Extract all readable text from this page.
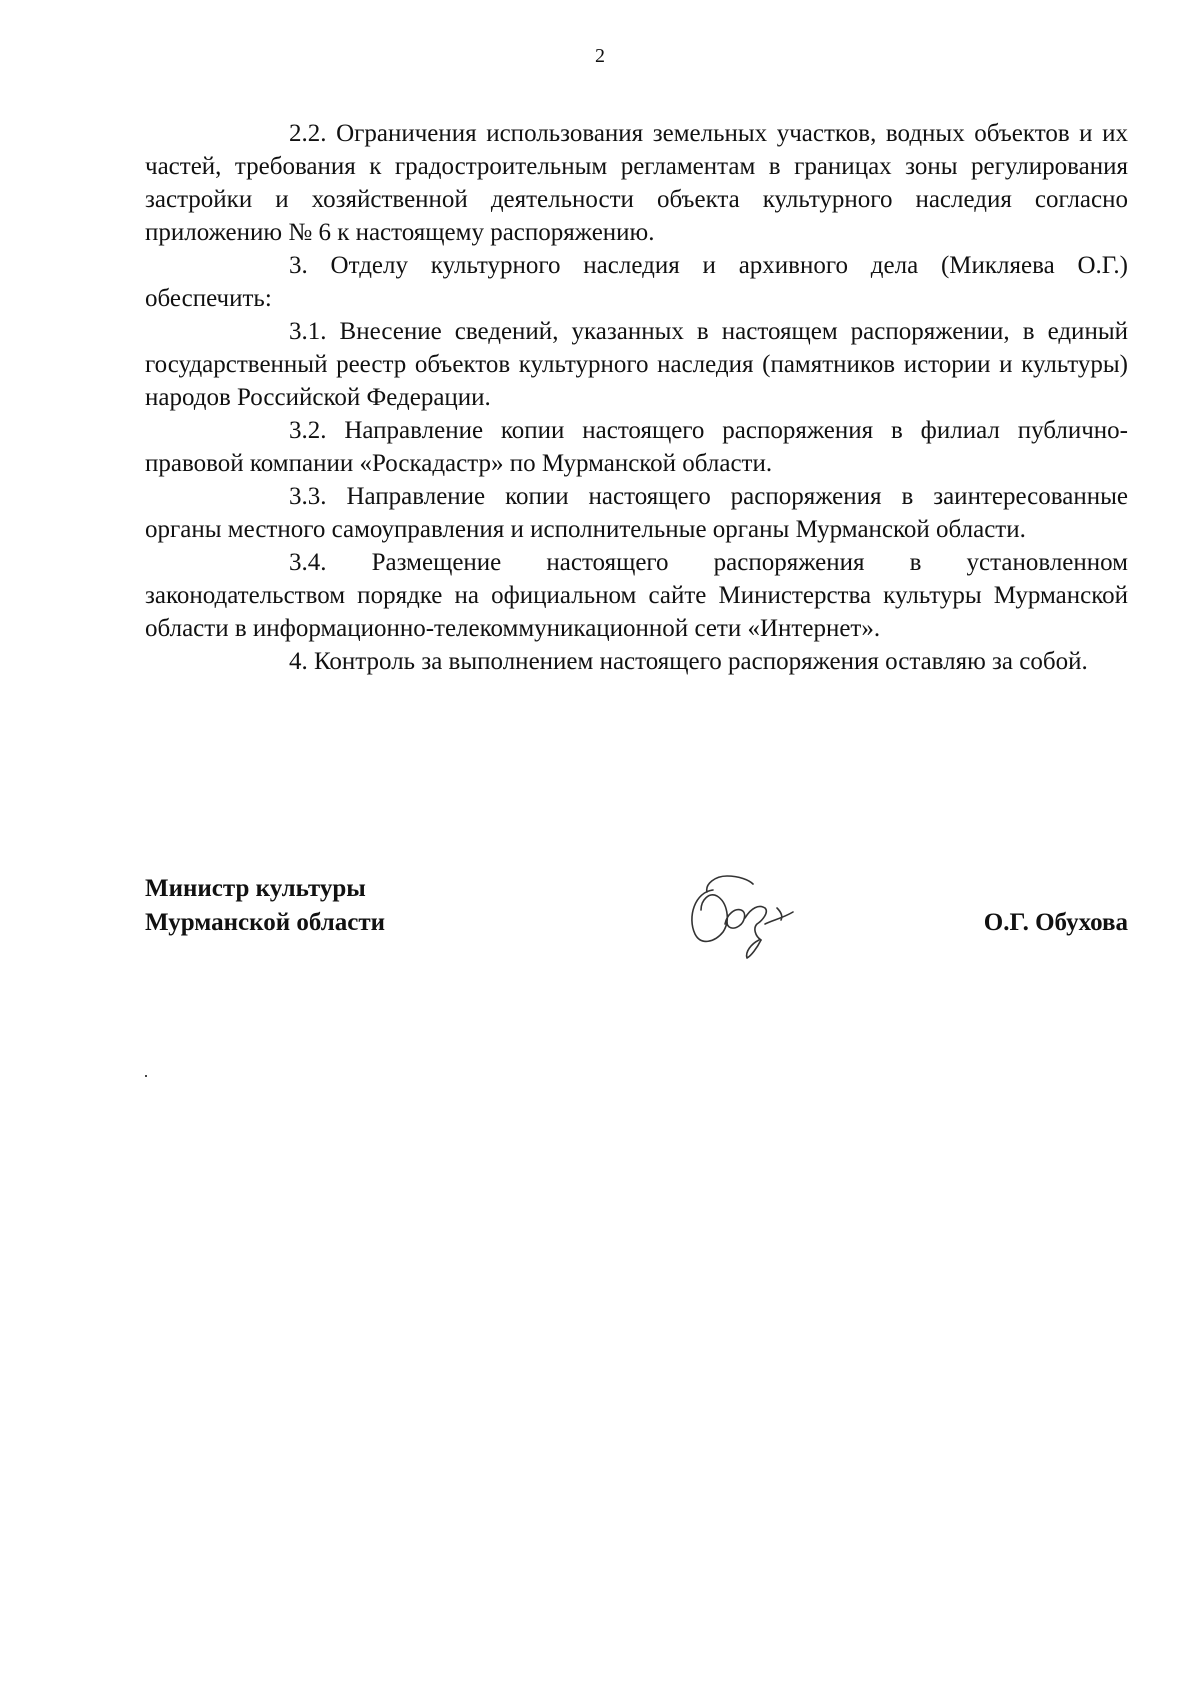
2

2.2. Ограничения использования земельных участков, водных объектов и их частей, требования к градостроительным регламентам в границах зоны регулирования застройки и хозяйственной деятельности объекта культурного наследия согласно приложению № 6 к настоящему распоряжению.

3. Отделу культурного наследия и архивного дела (Микляева О.Г.) обеспечить:

3.1. Внесение сведений, указанных в настоящем распоряжении, в единый государственный реестр объектов культурного наследия (памятников истории и культуры) народов Российской Федерации.

3.2. Направление копии настоящего распоряжения в филиал публично-правовой компании «Роскадастр» по Мурманской области.

3.3. Направление копии настоящего распоряжения в заинтересованные органы местного самоуправления и исполнительные органы Мурманской области.

3.4. Размещение настоящего распоряжения в установленном законодательством порядке на официальном сайте Министерства культуры Мурманской области в информационно-телекоммуникационной сети «Интернет».

4. Контроль за выполнением настоящего распоряжения оставляю за собой.

Министр культуры
Мурманской области	О.Г. Обухова
